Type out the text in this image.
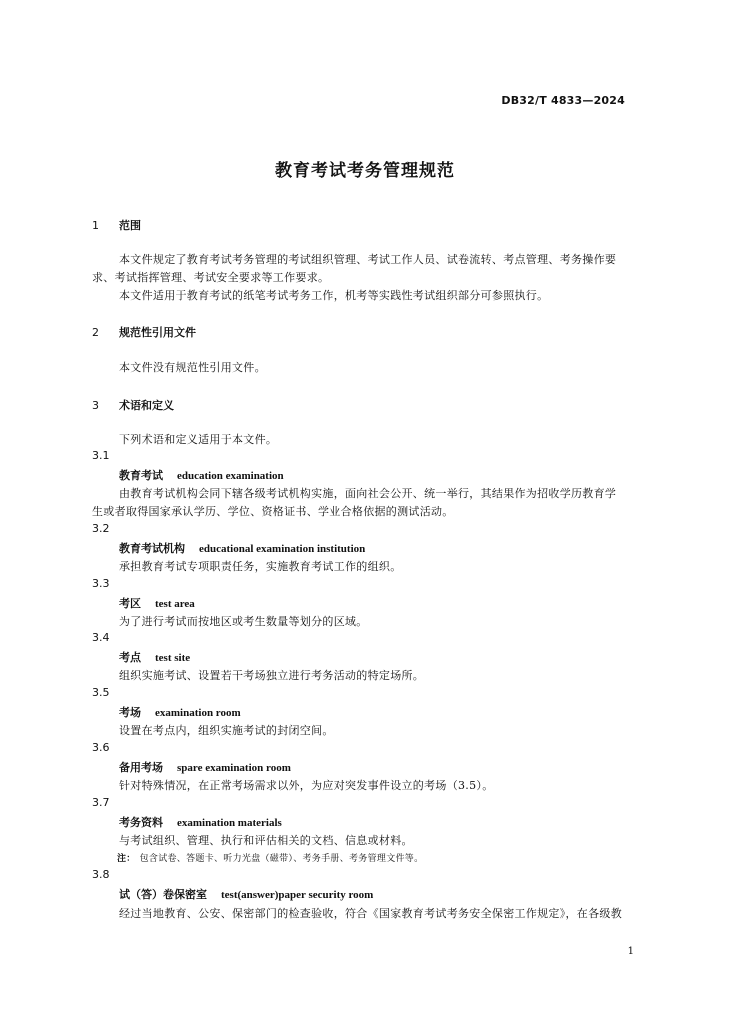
DB32/T 4833—2024
教育考试考务管理规范
1 范围
本文件规定了教育考试考务管理的考试组织管理、考试工作人员、试卷流转、考点管理、考务操作要
求、考试指挥管理、考试安全要求等工作要求。
本文件适用于教育考试的纸笔考试考务工作，机考等实践性考试组织部分可参照执行。
2 规范性引用文件
本文件没有规范性引用文件。
3 术语和定义
下列术语和定义适用于本文件。
3.1
教育考试 education examination
由教育考试机构会同下辖各级考试机构实施，面向社会公开、统一举行，其结果作为招收学历教育学
生或者取得国家承认学历、学位、资格证书、学业合格依据的测试活动。
3.2
教育考试机构 educational examination institution
承担教育考试专项职责任务，实施教育考试工作的组织。
3.3
考区 test area
为了进行考试而按地区或考生数量等划分的区域。
3.4
考点 test site
组织实施考试、设置若干考场独立进行考务活动的特定场所。
3.5
考场 examination room
设置在考点内，组织实施考试的封闭空间。
3.6
备用考场 spare examination room
针对特殊情况，在正常考场需求以外，为应对突发事件设立的考场（3.5）。
3.7
考务资料 examination materials
与考试组织、管理、执行和评估相关的文档、信息或材料。
注： 包含试卷、答题卡、听力光盘（磁带）、考务手册、考务管理文件等。
3.8
试（答）卷保密室 test(answer)paper security room
经过当地教育、公安、保密部门的检查验收，符合《国家教育考试考务安全保密工作规定》，在各级教
1
